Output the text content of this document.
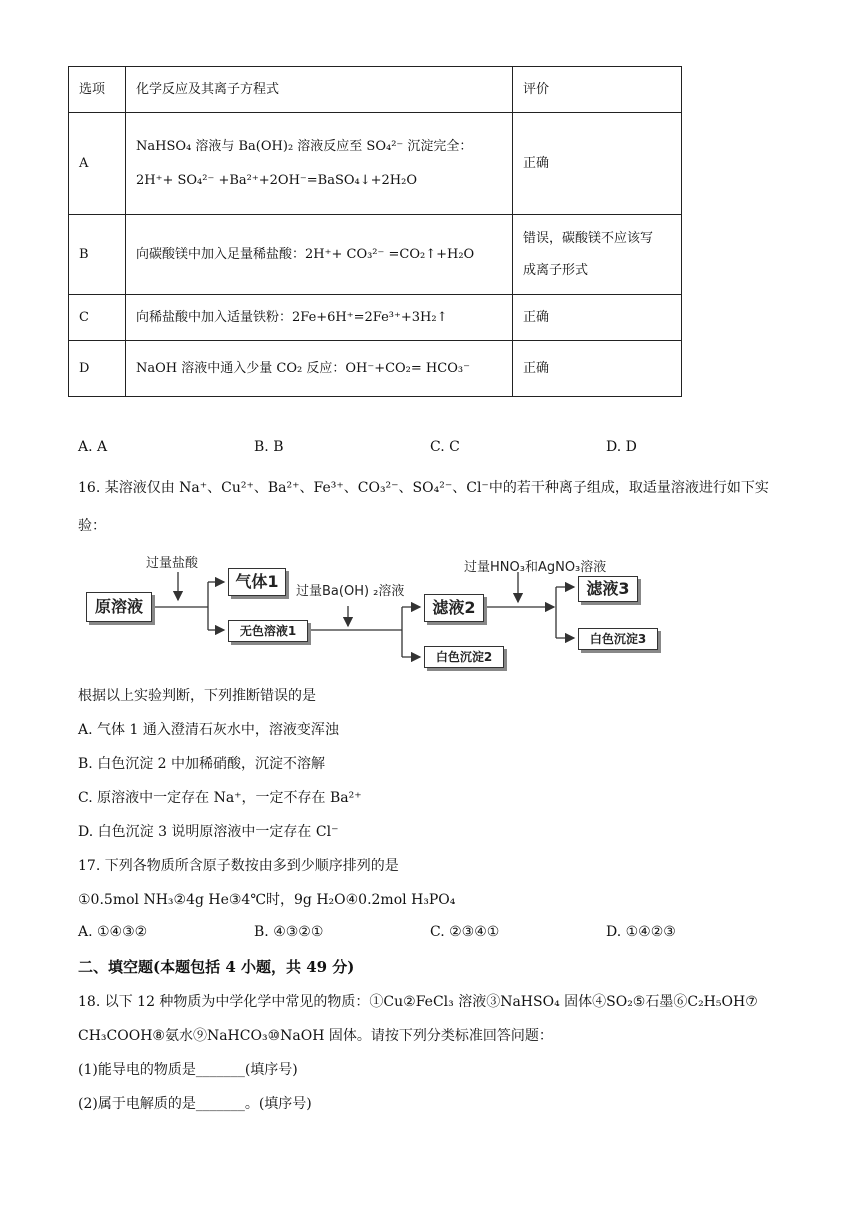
选项	化学反应及其离子方程式	评价
A	NaHSO₄ 溶液与 Ba(OH)₂ 溶液反应至 SO₄²⁻ 沉淀完全：
2H⁺+ SO₄²⁻ +Ba²⁺+2OH⁻=BaSO₄↓+2H₂O	正确
B	向碳酸镁中加入足量稀盐酸：2H⁺+ CO₃²⁻ =CO₂↑+H₂O	错误，碳酸镁不应该写
成离子形式

C	向稀盐酸中加入适量铁粉：2Fe+6H⁺=2Fe³⁺+3H₂↑	正确
D	NaOH 溶液中通入少量 CO₂ 反应：OH⁻+CO₂= HCO₃⁻	正确
A. A	B. B	C. C	D. D
16. 某溶液仅由 Na⁺、Cu²⁺、Ba²⁺、Fe³⁺、CO₃²⁻、SO₄²⁻、Cl⁻中的若干种离子组成，取适量溶液进行如下实
验：
过量盐酸
原溶液
气体1
无色溶液1
过量Ba(OH) ₂溶液
滤液2
白色沉淀2
过量HNO₃和AgNO₃溶液
滤液3
白色沉淀3
根据以上实验判断，下列推断错误的是
A. 气体 1 通入澄清石灰水中，溶液变浑浊
B. 白色沉淀 2 中加稀硝酸，沉淀不溶解
C. 原溶液中一定存在 Na⁺，一定不存在 Ba²⁺
D. 白色沉淀 3 说明原溶液中一定存在 Cl⁻
17. 下列各物质所含原子数按由多到少顺序排列的是
①0.5mol NH₃②4g He③4℃时，9g H₂O④0.2mol H₃PO₄
A. ①④③②	B. ④③②①	C. ②③④①	D. ①④②③
二、填空题(本题包括 4 小题，共 49 分)
18. 以下 12 种物质为中学化学中常见的物质：①Cu②FeCl₃ 溶液③NaHSO₄ 固体④SO₂⑤石墨⑥C₂H₅OH⑦
CH₃COOH⑧氨水⑨NaHCO₃⑩NaOH 固体。请按下列分类标准回答问题：
(1)能导电的物质是_______(填序号)
(2)属于电解质的是_______。(填序号)
